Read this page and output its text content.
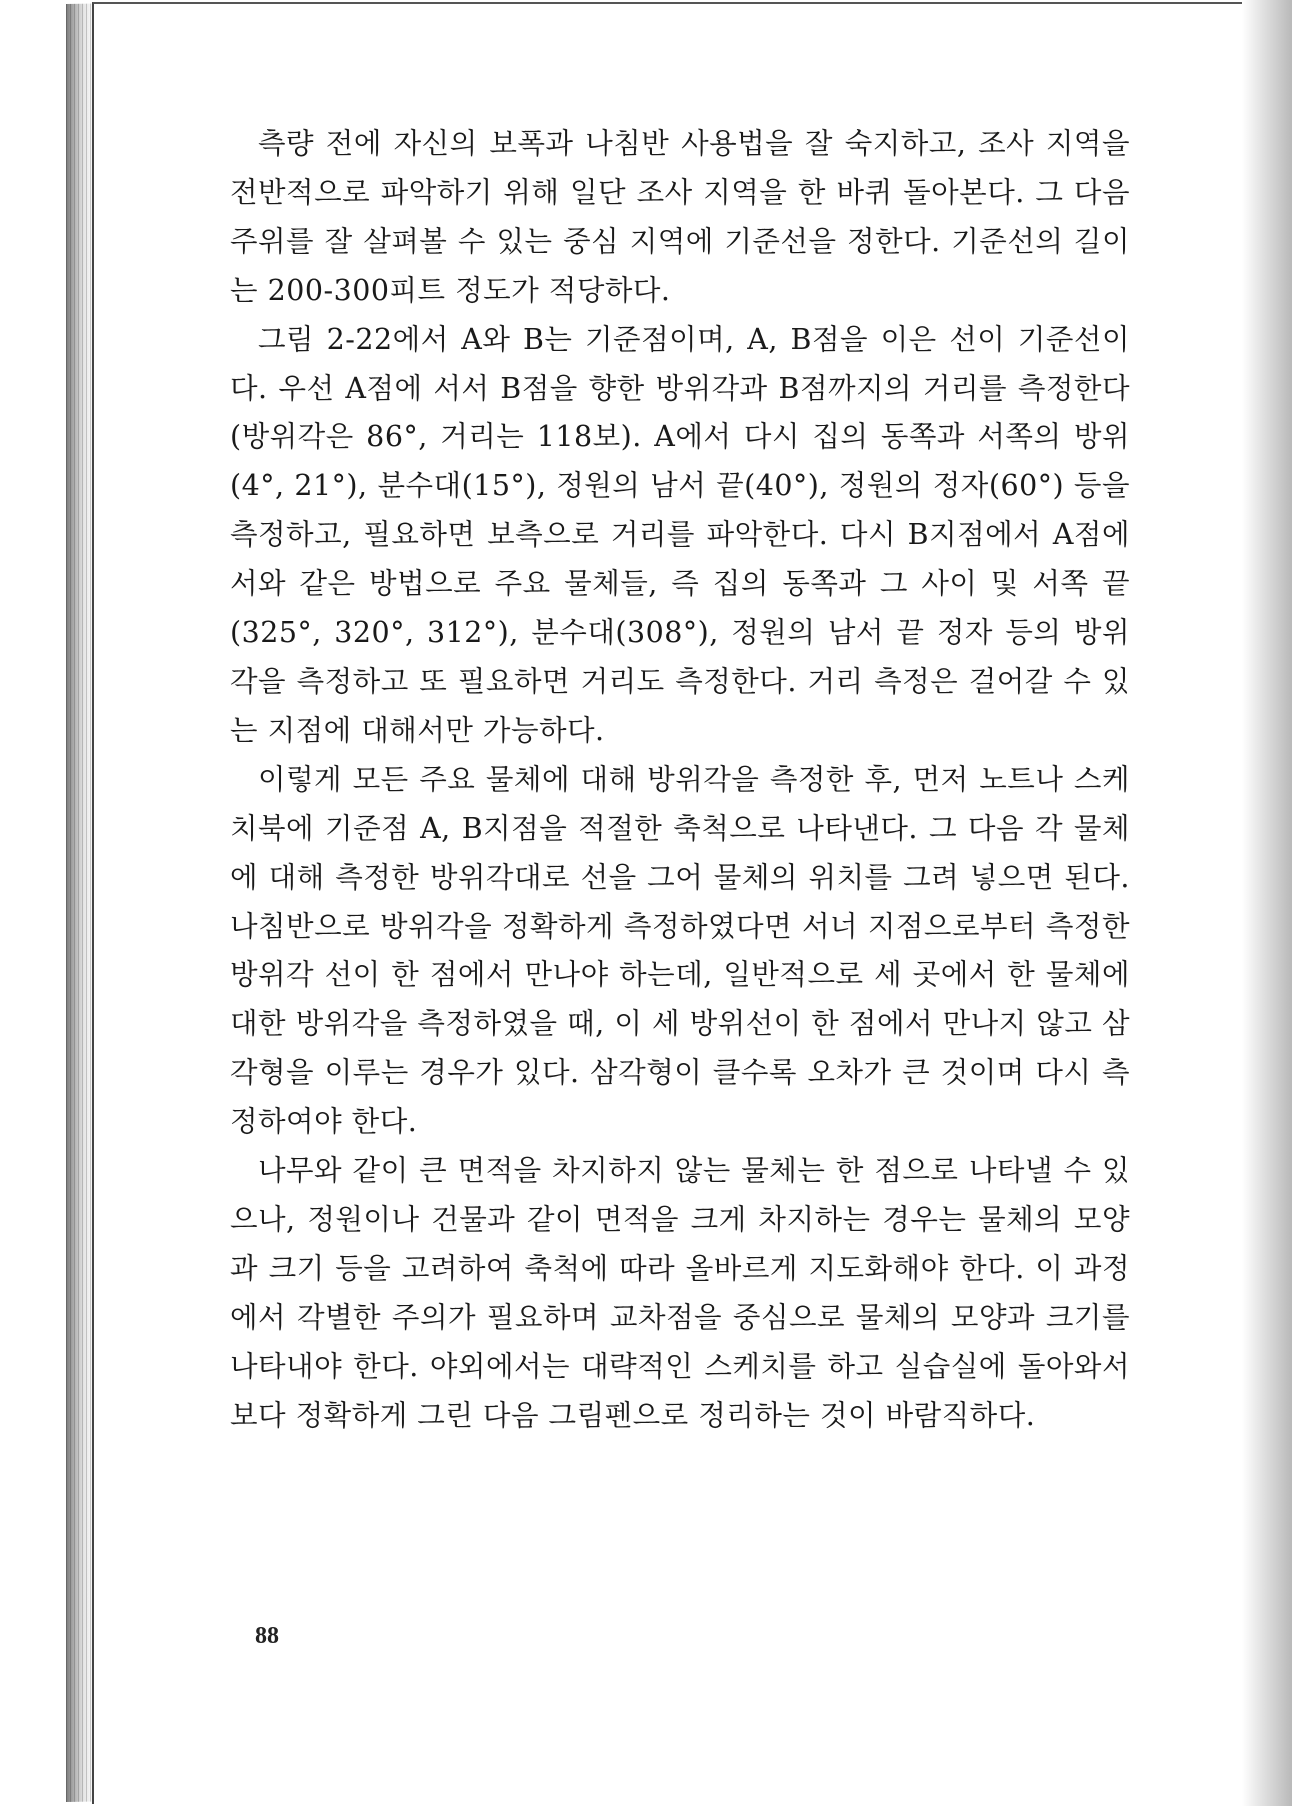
측량 전에 자신의 보폭과 나침반 사용법을 잘 숙지하고, 조사 지역을 전반적으로 파악하기 위해 일단 조사 지역을 한 바퀴 돌아본다. 그 다음 주위를 잘 살펴볼 수 있는 중심 지역에 기준선을 정한다. 기준선의 길이는 200-300피트 정도가 적당하다.

그림 2-22에서 A와 B는 기준점이며, A, B점을 이은 선이 기준선이다. 우선 A점에 서서 B점을 향한 방위각과 B점까지의 거리를 측정한다(방위각은 86°, 거리는 118보). A에서 다시 집의 동쪽과 서쪽의 방위(4°, 21°), 분수대(15°), 정원의 남서 끝(40°), 정원의 정자(60°) 등을 측정하고, 필요하면 보측으로 거리를 파악한다. 다시 B지점에서 A점에서와 같은 방법으로 주요 물체들, 즉 집의 동쪽과 그 사이 및 서쪽 끝(325°, 320°, 312°), 분수대(308°), 정원의 남서 끝 정자 등의 방위각을 측정하고 또 필요하면 거리도 측정한다. 거리 측정은 걸어갈 수 있는 지점에 대해서만 가능하다.

이렇게 모든 주요 물체에 대해 방위각을 측정한 후, 먼저 노트나 스케치북에 기준점 A, B지점을 적절한 축척으로 나타낸다. 그 다음 각 물체에 대해 측정한 방위각대로 선을 그어 물체의 위치를 그려 넣으면 된다. 나침반으로 방위각을 정확하게 측정하였다면 서너 지점으로부터 측정한 방위각 선이 한 점에서 만나야 하는데, 일반적으로 세 곳에서 한 물체에 대한 방위각을 측정하였을 때, 이 세 방위선이 한 점에서 만나지 않고 삼각형을 이루는 경우가 있다. 삼각형이 클수록 오차가 큰 것이며 다시 측정하여야 한다.

나무와 같이 큰 면적을 차지하지 않는 물체는 한 점으로 나타낼 수 있으나, 정원이나 건물과 같이 면적을 크게 차지하는 경우는 물체의 모양과 크기 등을 고려하여 축척에 따라 올바르게 지도화해야 한다. 이 과정에서 각별한 주의가 필요하며 교차점을 중심으로 물체의 모양과 크기를 나타내야 한다. 야외에서는 대략적인 스케치를 하고 실습실에 돌아와서 보다 정확하게 그린 다음 그림펜으로 정리하는 것이 바람직하다.

88
